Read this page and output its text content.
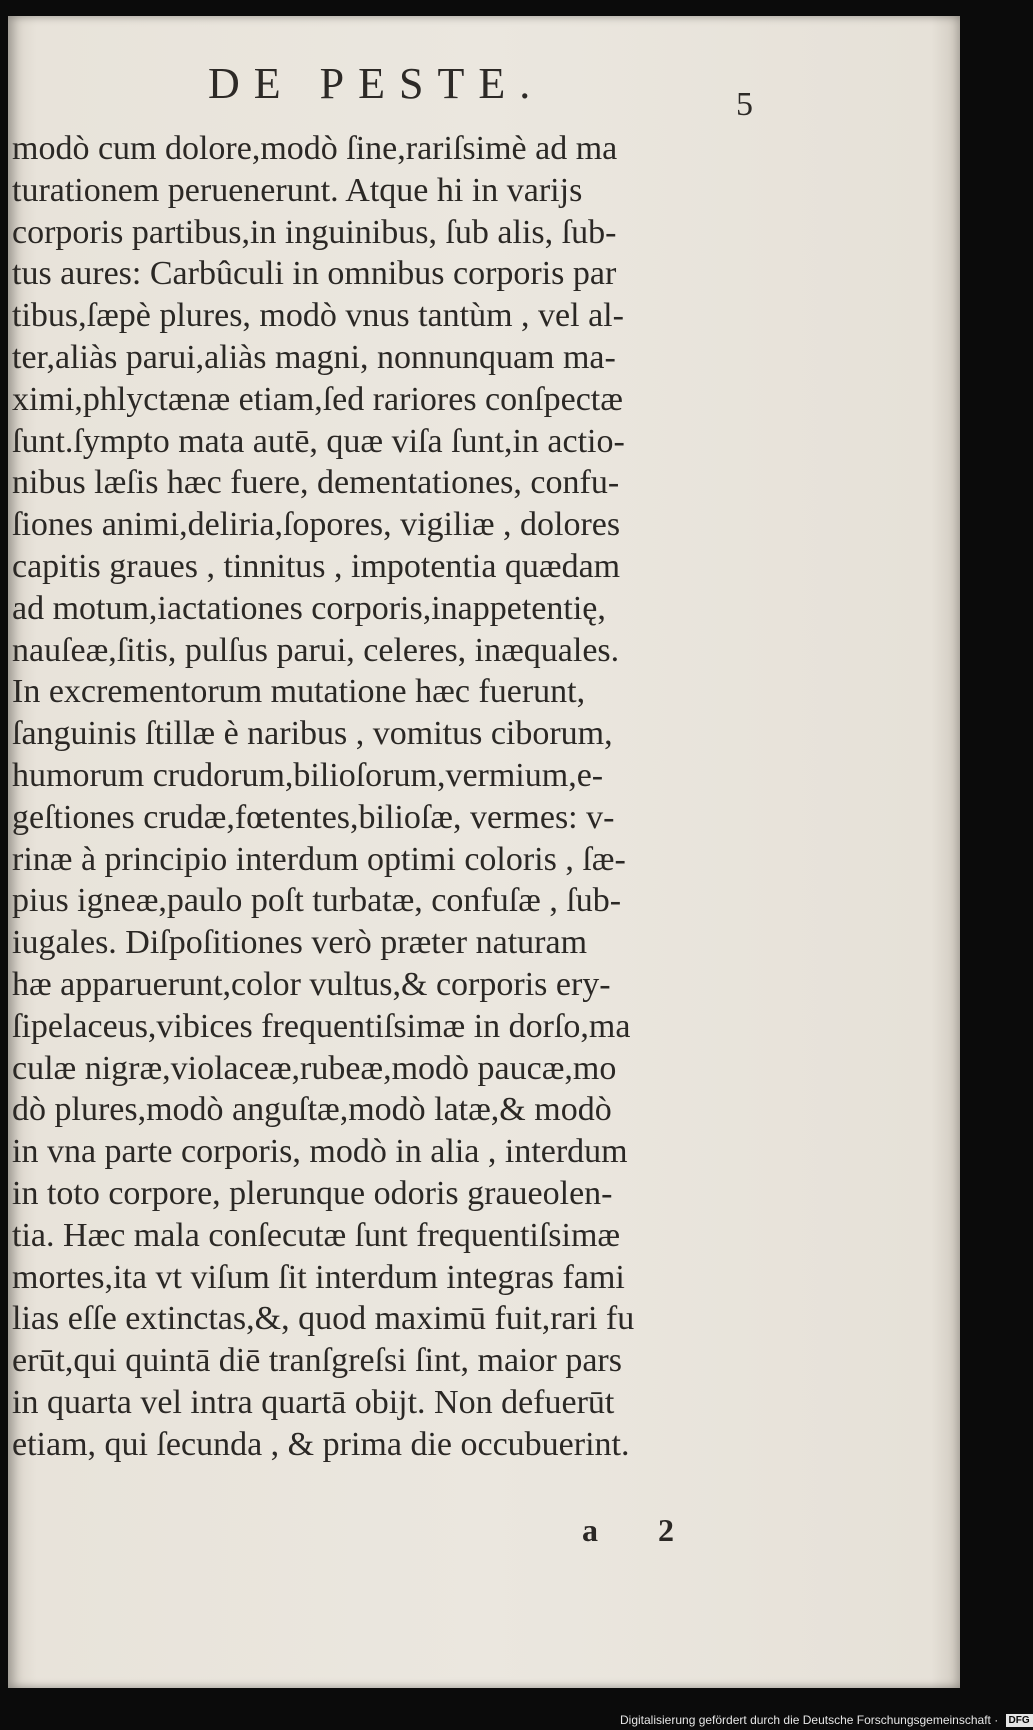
DE PESTE.	5
modò cum dolore,modò ſine,rariſsimè ad ma
turationem peruenerunt. Atque hi in varijs
corporis partibus,in inguinibus, ſub alis, ſub-
tus aures: Carbûculi in omnibus corporis par
tibus,ſæpè plures, modò vnus tantùm , vel al-
ter,aliàs parui,aliàs magni, nonnunquam ma-
ximi,phlyctænæ etiam,ſed rariores conſpectæ
ſunt.ſympto mata autē, quæ viſa ſunt,in actio-
nibus læſis hæc fuere, dementationes, confu-
ſiones animi,deliria,ſopores, vigiliæ , dolores
capitis graues , tinnitus , impotentia quædam
ad motum,iactationes corporis,inappetentię,
nauſeæ,ſitis, pulſus parui, celeres, inæquales.
In excrementorum mutatione hæc fuerunt,
ſanguinis ſtillæ è naribus , vomitus ciborum,
humorum crudorum,bilioſorum,vermium,e-
geſtiones crudæ,fœtentes,bilioſæ, vermes: v-
rinæ à principio interdum optimi coloris , ſæ-
pius igneæ,paulo poſt turbatæ, confuſæ , ſub-
iugales. Diſpoſitiones verò præter naturam
hæ apparuerunt,color vultus,& corporis ery-
ſipelaceus,vibices frequentiſsimæ in dorſo,ma
culæ nigræ,violaceæ,rubeæ,modò paucæ,mo
dò plures,modò anguſtæ,modò latæ,& modò
in vna parte corporis, modò in alia , interdum
in toto corpore, plerunque odoris graueolen-
tia. Hæc mala conſecutæ ſunt frequentiſsimæ
mortes,ita vt viſum ſit interdum integras fami
lias eſſe extinctas,&, quod maximū fuit,rari fu
erūt,qui quintā diē tranſgreſsi ſint, maior pars
in quarta vel intra quartā obijt. Non defuerūt
etiam, qui ſecunda , & prima die occubuerint.
a 2
Digitalisierung gefördert durch die Deutsche Forschungsgemeinschaft · DFG
